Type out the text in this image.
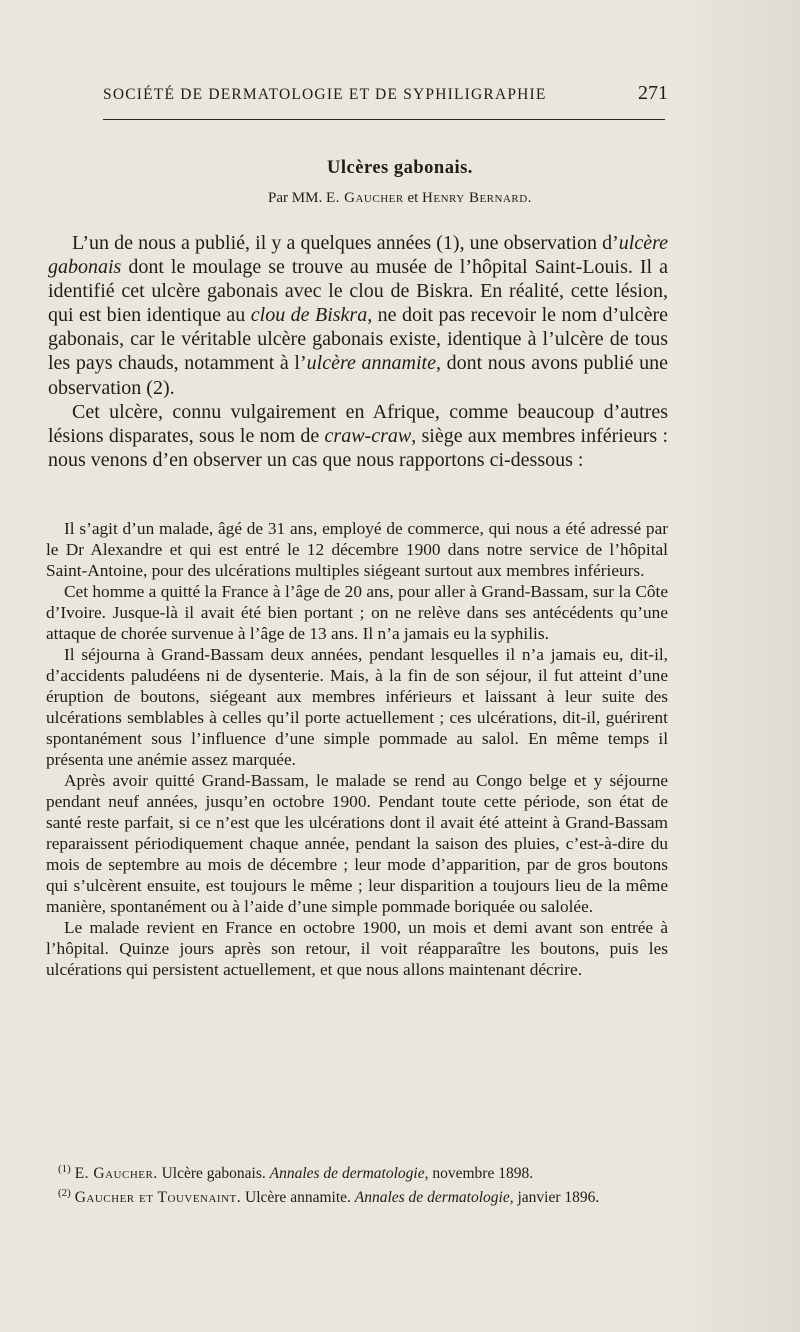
SOCIÉTÉ DE DERMATOLOGIE ET DE SYPHILIGRAPHIE	271
Ulcères gabonais.
Par MM. E. Gaucher et Henry Bernard.

L’un de nous a publié, il y a quelques années (1), une observation d’ulcère gabonais dont le moulage se trouve au musée de l’hôpital Saint-Louis. Il a identifié cet ulcère gabonais avec le clou de Biskra. En réalité, cette lésion, qui est bien identique au clou de Biskra, ne doit pas recevoir le nom d’ulcère gabonais, car le véritable ulcère gabonais existe, identique à l’ulcère de tous les pays chauds, notamment à l’ulcère annamite, dont nous avons publié une observation (2).

Cet ulcère, connu vulgairement en Afrique, comme beaucoup d’autres lésions disparates, sous le nom de craw-craw, siège aux membres inférieurs : nous venons d’en observer un cas que nous rapportons ci-dessous :

Il s’agit d’un malade, âgé de 31 ans, employé de commerce, qui nous a été adressé par le Dr Alexandre et qui est entré le 12 décembre 1900 dans notre service de l’hôpital Saint-Antoine, pour des ulcérations multiples siégeant surtout aux membres inférieurs.

Cet homme a quitté la France à l’âge de 20 ans, pour aller à Grand-Bassam, sur la Côte d’Ivoire. Jusque-là il avait été bien portant ; on ne relève dans ses antécédents qu’une attaque de chorée survenue à l’âge de 13 ans. Il n’a jamais eu la syphilis.

Il séjourna à Grand-Bassam deux années, pendant lesquelles il n’a jamais eu, dit-il, d’accidents paludéens ni de dysenterie. Mais, à la fin de son séjour, il fut atteint d’une éruption de boutons, siégeant aux membres inférieurs et laissant à leur suite des ulcérations semblables à celles qu’il porte actuellement ; ces ulcérations, dit-il, guérirent spontanément sous l’influence d’une simple pommade au salol. En même temps il présenta une anémie assez marquée.

Après avoir quitté Grand-Bassam, le malade se rend au Congo belge et y séjourne pendant neuf années, jusqu’en octobre 1900. Pendant toute cette période, son état de santé reste parfait, si ce n’est que les ulcérations dont il avait été atteint à Grand-Bassam reparaissent périodiquement chaque année, pendant la saison des pluies, c’est-à-dire du mois de septembre au mois de décembre ; leur mode d’apparition, par de gros boutons qui s’ulcèrent ensuite, est toujours le même ; leur disparition a toujours lieu de la même manière, spontanément ou à l’aide d’une simple pommade boriquée ou salolée.

Le malade revient en France en octobre 1900, un mois et demi avant son entrée à l’hôpital. Quinze jours après son retour, il voit réapparaître les boutons, puis les ulcérations qui persistent actuellement, et que nous allons maintenant décrire.

$^{(1)}$ E. Gaucher. Ulcère gabonais. Annales de dermatologie, novembre 1898.

$^{(2)}$ Gaucher et Touvenaint. Ulcère annamite. Annales de dermatologie, janvier 1896.
